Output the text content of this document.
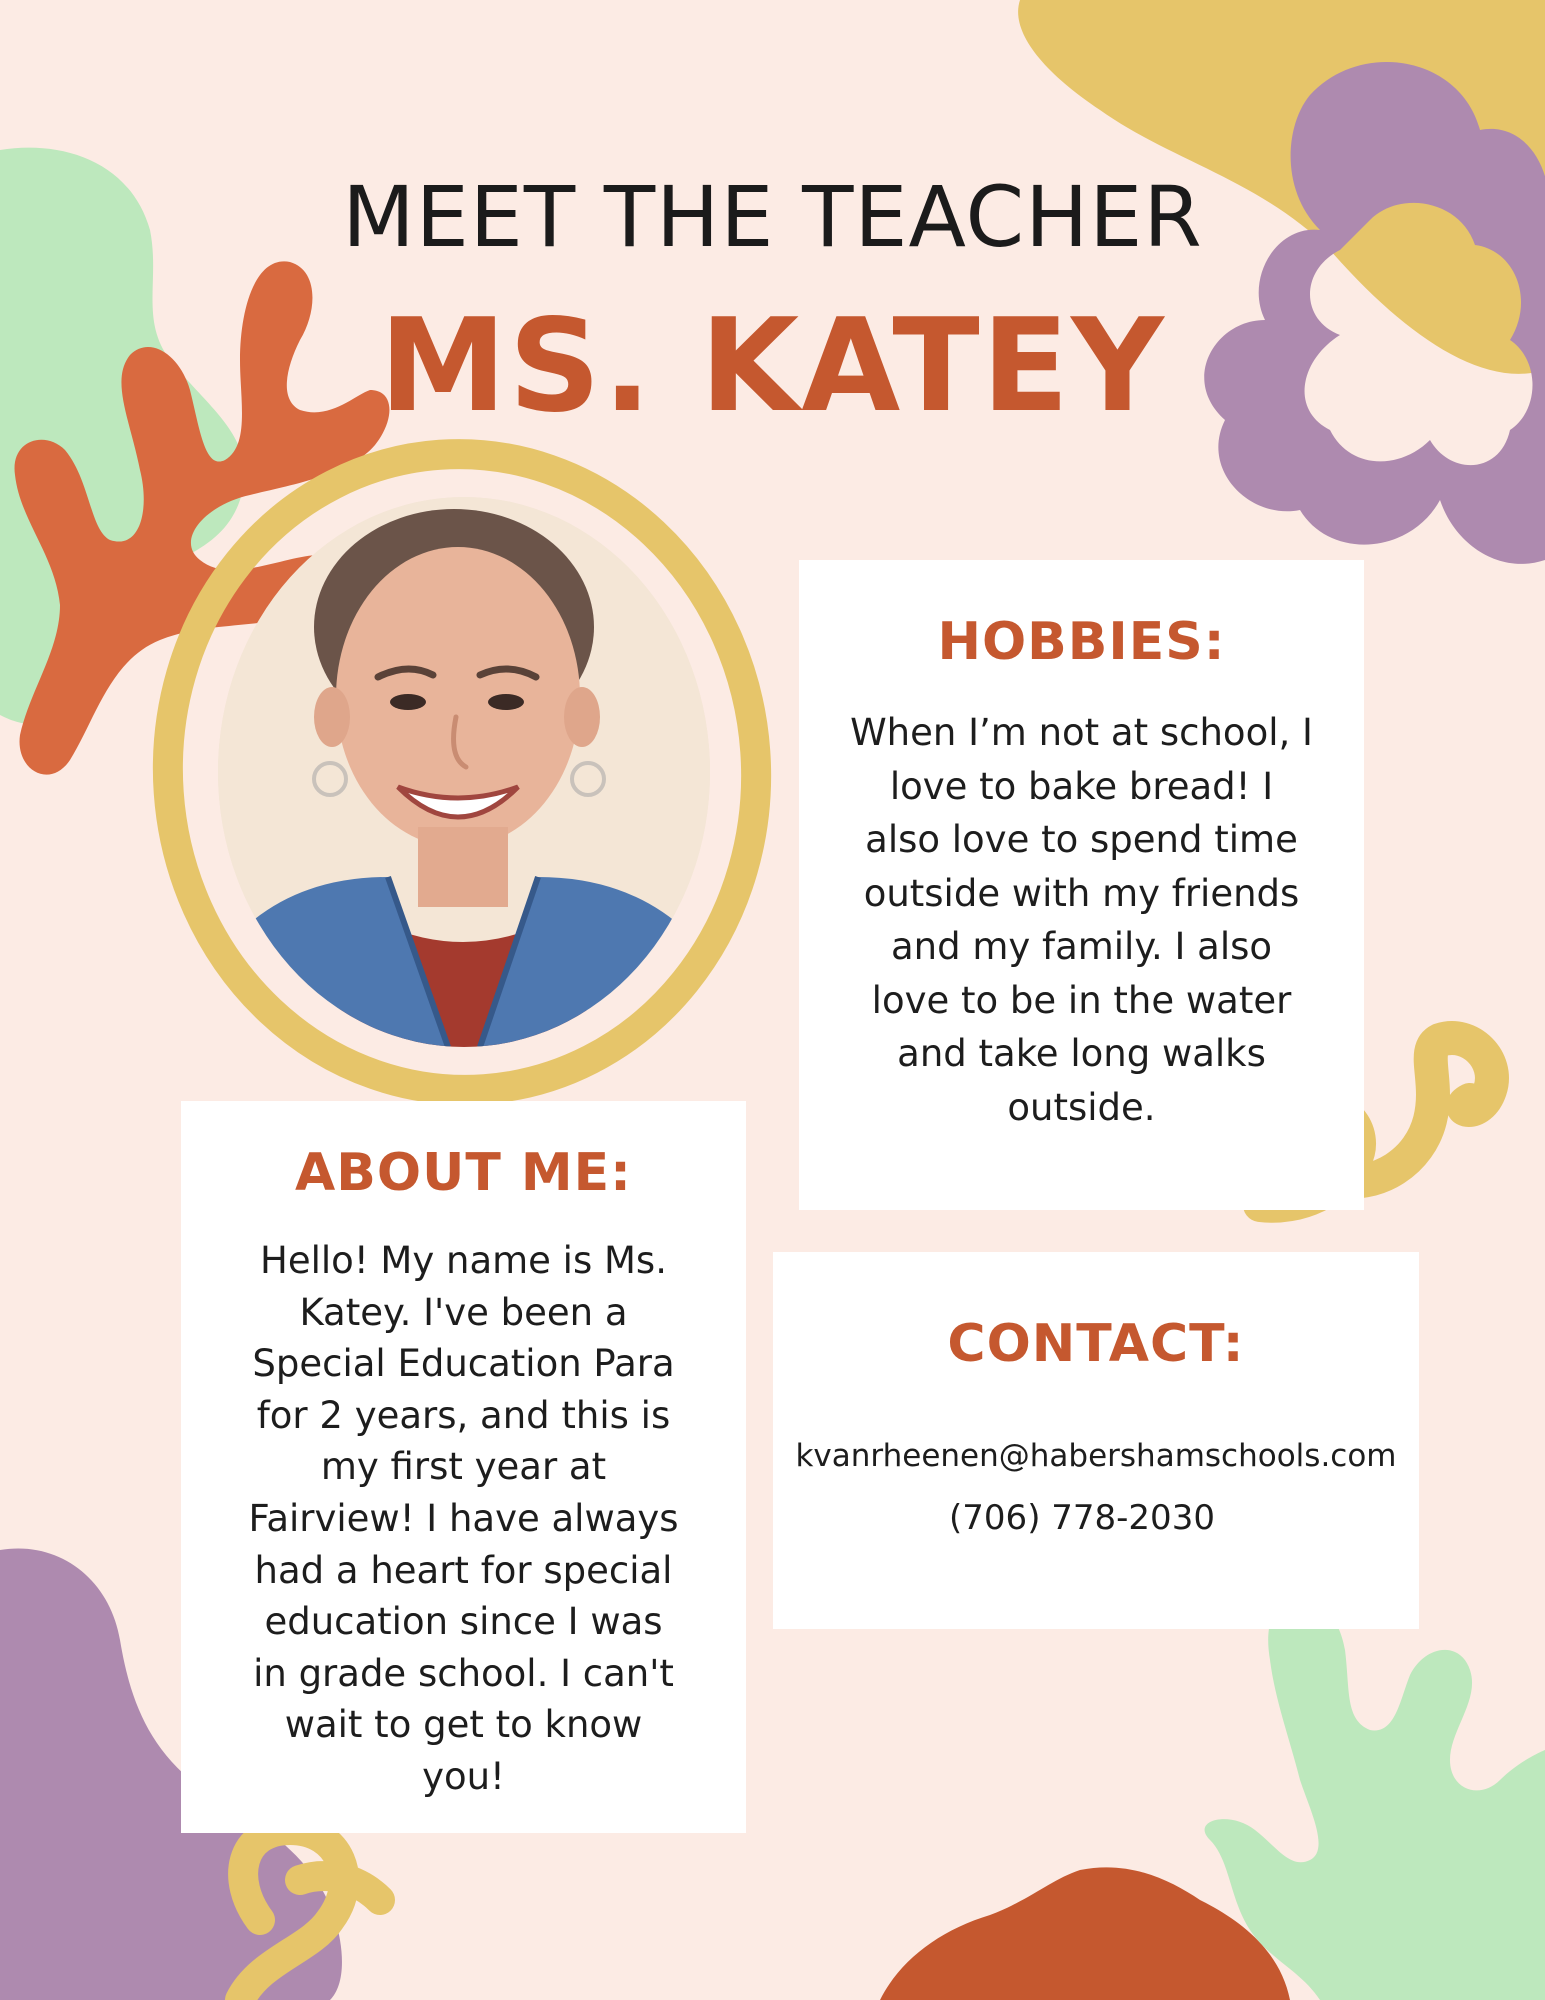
MEET THE TEACHER
MS. KATEY
HOBBIES:

When I’m not at school, I love to bake bread! I also love to spend time outside with my friends and my family. I also love to be in the water and take long walks outside.

ABOUT ME:

Hello! My name is Ms. Katey. I've been a Special Education Para for 2 years, and this is my first year at Fairview! I have always had a heart for special education since I was in grade school. I can't wait to get to know you!

CONTACT:

kvanrheenen@habershamschools.com

(706) 778-2030
